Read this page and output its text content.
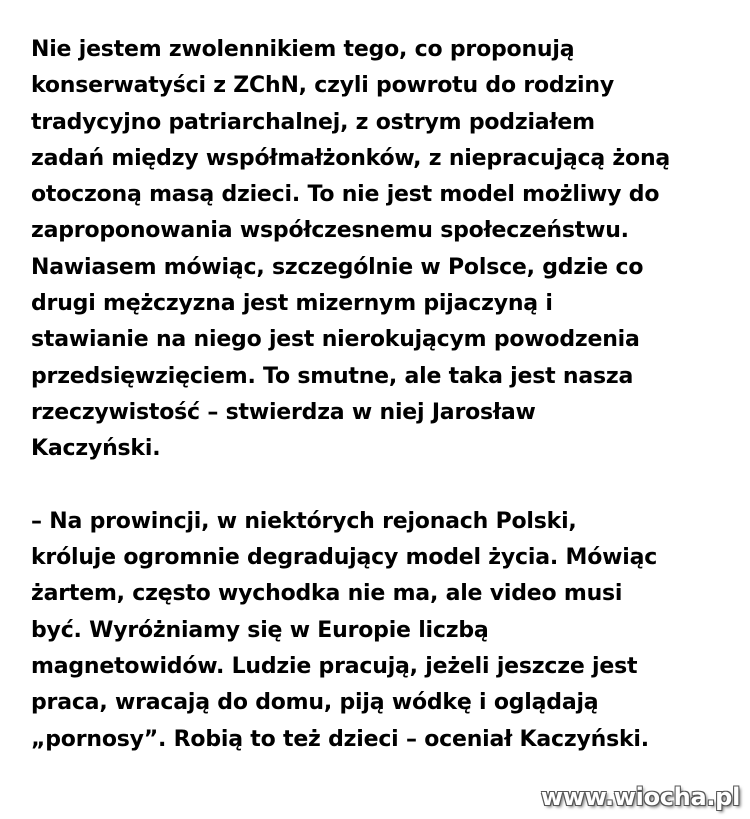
Nie jestem zwolennikiem tego, co proponują
konserwatyści z ZChN, czyli powrotu do rodziny
tradycyjno patriarchalnej, z ostrym podziałem
zadań między współmałżonków, z niepracującą żoną
otoczoną masą dzieci. To nie jest model możliwy do
zaproponowania współczesnemu społeczeństwu.
Nawiasem mówiąc, szczególnie w Polsce, gdzie co
drugi mężczyzna jest mizernym pijaczyną i
stawianie na niego jest nierokującym powodzenia
przedsięwzięciem. To smutne, ale taka jest nasza
rzeczywistość – stwierdza w niej Jarosław
Kaczyński.
– Na prowincji, w niektórych rejonach Polski,
króluje ogromnie degradujący model życia. Mówiąc
żartem, często wychodka nie ma, ale video musi
być. Wyróżniamy się w Europie liczbą
magnetowidów. Ludzie pracują, jeżeli jeszcze jest
praca, wracają do domu, piją wódkę i oglądają
„pornosy”. Robią to też dzieci – oceniał Kaczyński.
www.wiocha.pl
